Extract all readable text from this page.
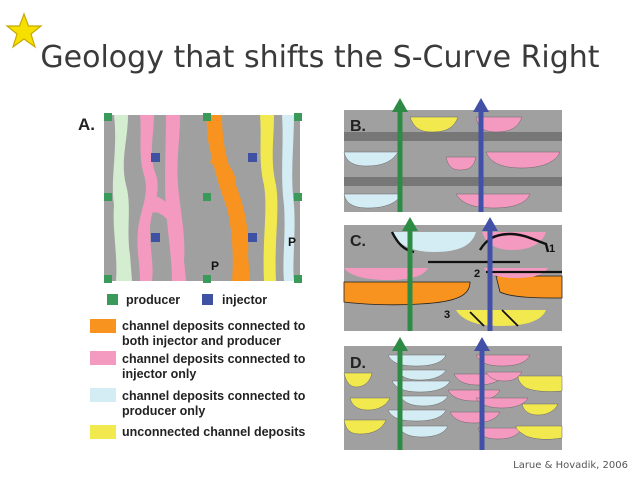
Geology that shifts the S-Curve Right
A.
P
P
B.
C.	1
2
3
D.
producer	injector
channel deposits connected to both injector and producer
channel deposits connected to injector only
channel deposits connected to producer only
unconnected channel deposits
Larue & Hovadik, 2006
